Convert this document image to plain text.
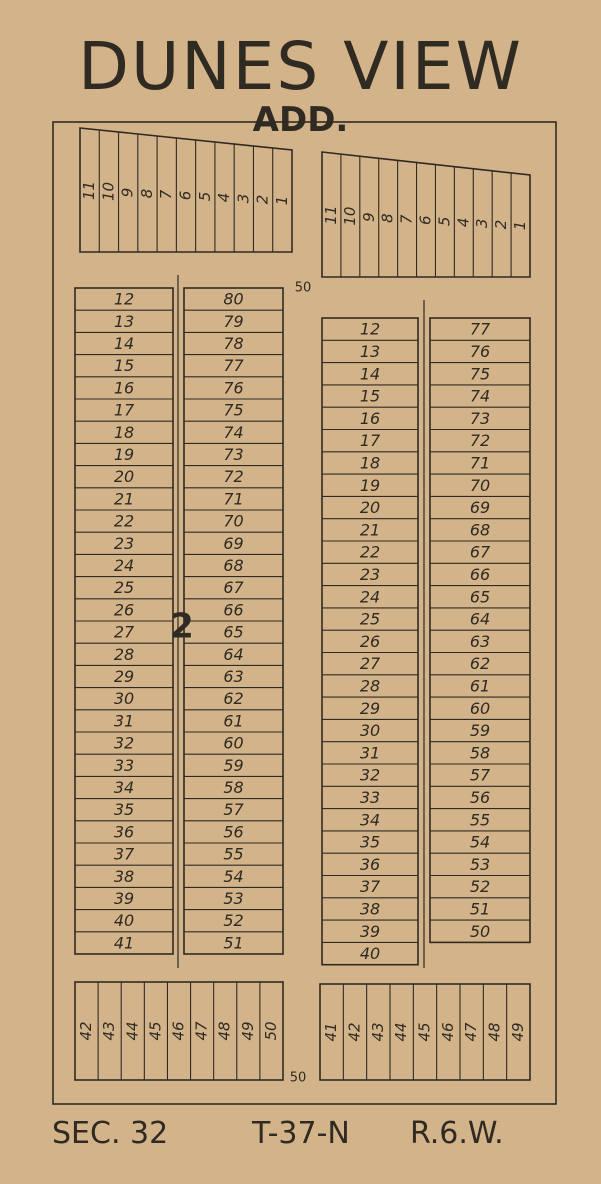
DUNES VIEW
ADD.
11 10 9 8 7 6 5 4 3 2 1
12
13
14
15
16
17
18
19
20
21
22
23
24
25
26
27
28
29
30
31
32
33
34
35
36
37
38
39
40
41
80
79
78
77
76
75
74
73
72
71
70
69
68
67
66
65
64
63
62
61
60
59
58
57
56
55
54
53
52
51
42 43 44 45 46 47 48 49 50
11 10 9 8 7 6 5 4 3 2 1
12
13
14
15
16
17
18
19
20
21
22
23
24
25
26
27
28
29
30
31
32
33
34
35
36
37
38
39
40
77
76
75
74
73
72
71
70
69
68
67
66
65
64
63
62
61
60
59
58
57
56
55
54
53
52
51
50
41 42 43 44 45 46 47 48 49
2
50
50
SEC. 32	T-37-N R.6.W.
